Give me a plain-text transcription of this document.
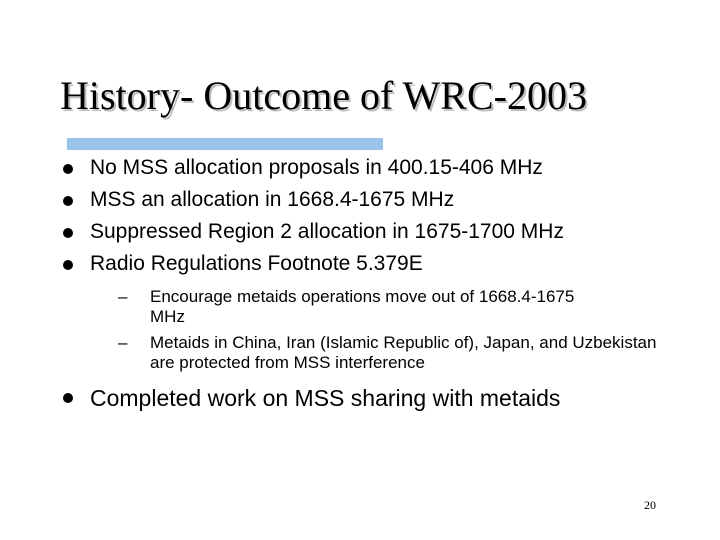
History- Outcome of WRC-2003
No MSS allocation proposals in 400.15-406 MHz
MSS an allocation in 1668.4-1675 MHz
Suppressed Region 2 allocation in 1675-1700 MHz
Radio Regulations Footnote 5.379E
– Encourage metaids operations move out of 1668.4-1675 MHz
– Metaids in China, Iran (Islamic Republic of), Japan, and Uzbekistan are protected from MSS interference
Completed work on MSS sharing with metaids
20
